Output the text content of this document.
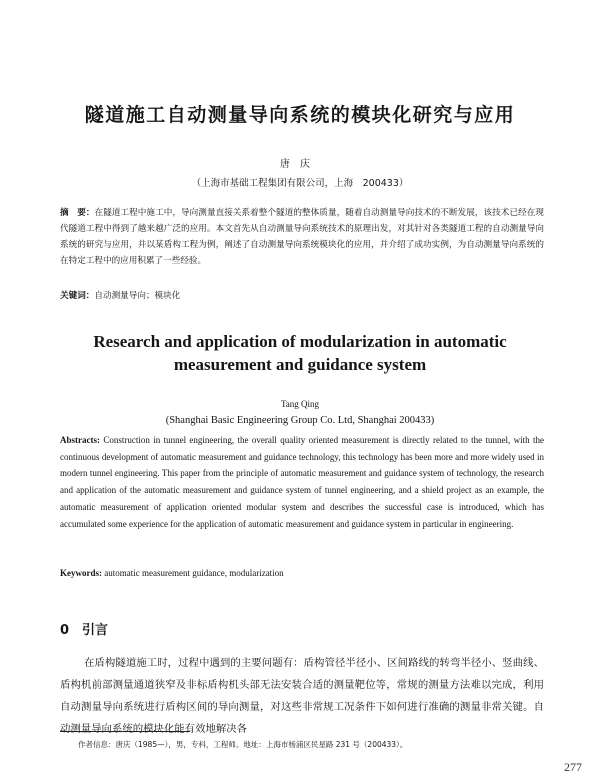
隧道施工自动测量导向系统的模块化研究与应用
唐庆
（上海市基础工程集团有限公司，上海　200433）
摘　要：在隧道工程中施工中，导向测量直接关系着整个隧道的整体质量，随着自动测量导向技术的不断发展，该技术已经在现代隧道工程中得到了越来越广泛的应用。本文首先从自动测量导向系统技术的原理出发，对其针对各类隧道工程的自动测量导向系统的研究与应用，并以某盾构工程为例，阐述了自动测量导向系统模块化的应用，并介绍了成功实例，为自动测量导向系统的在特定工程中的应用积累了一些经验。
关键词：自动测量导向；模块化
Research and application of modularization in automatic
measurement and guidance system
Tang Qing
(Shanghai Basic Engineering Group Co. Ltd, Shanghai 200433)
Abstracts: Construction in tunnel engineering, the overall quality oriented measurement is directly related to the tunnel, with the continuous development of automatic measurement and guidance technology, this technology has been more and more widely used in modern tunnel engineering. This paper from the principle of automatic measurement and guidance system of technology, the research and application of the automatic measurement and guidance system of tunnel engineering, and a shield project as an example, the automatic measurement of application oriented modular system and describes the successful case is introduced, which has accumulated some experience for the application of automatic measurement and guidance system in particular in engineering.
Keywords: automatic measurement guidance, modularization
0 引言
在盾构隧道施工时，过程中遇到的主要问题有：盾构管径半径小、区间路线的转弯半径小、竖曲线、盾构机前部测量通道狭窄及非标盾构机头部无法安装合适的测量靶位等，常规的测量方法难以完成，利用自动测量导向系统进行盾构区间的导向测量，对这些非常规工况条件下如何进行准确的测量非常关键。自动测量导向系统的模块化能有效地解决各
作者信息：唐庆（1985—），男，专科，工程师。地址：上海市杨浦区民星路 231 号（200433）。
277
